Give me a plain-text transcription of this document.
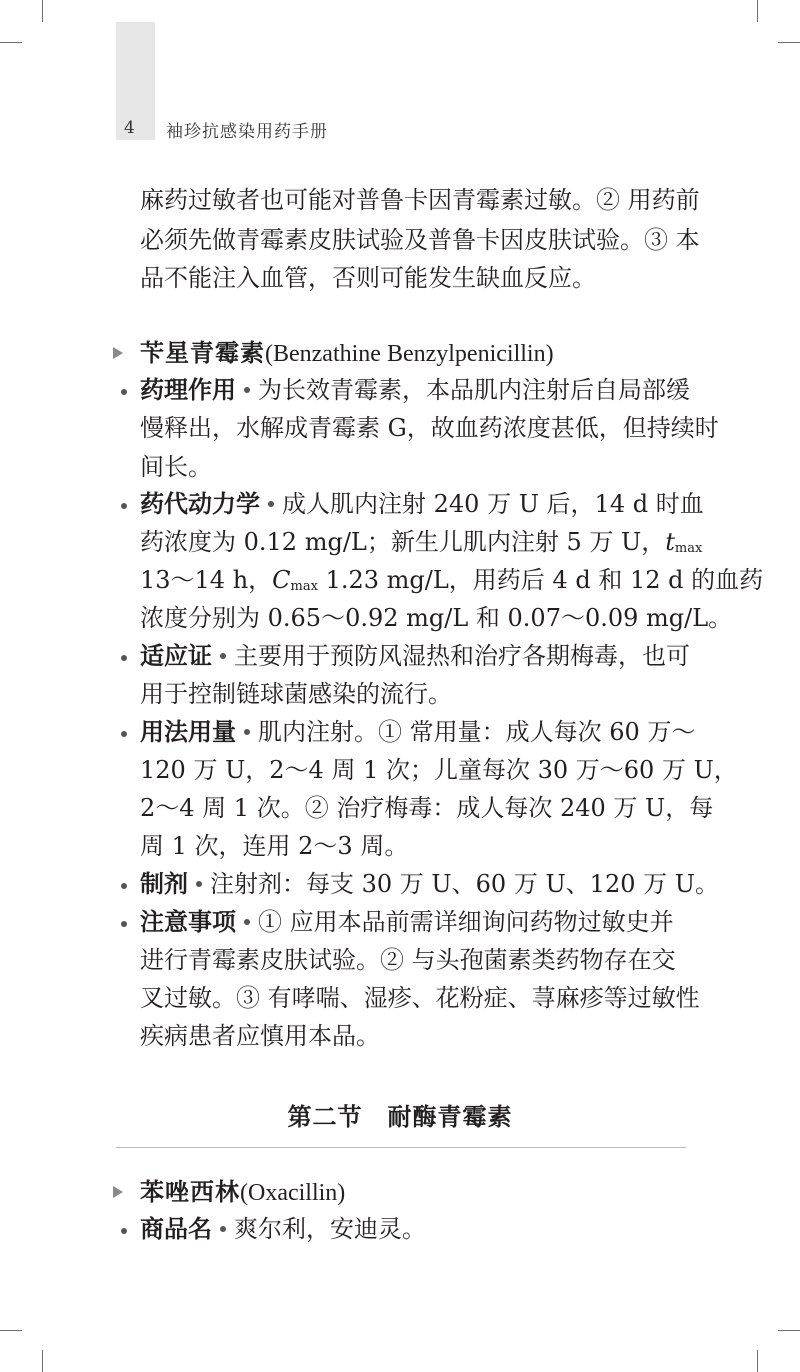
4 袖珍抗感染用药手册
麻药过敏者也可能对普鲁卡因青霉素过敏。② 用药前
必须先做青霉素皮肤试验及普鲁卡因皮肤试验。③ 本
品不能注入血管，否则可能发生缺血反应。
苄星青霉素(Benzathine Benzylpenicillin)
药理作用 为长效青霉素，本品肌内注射后自局部缓
慢释出，水解成青霉素 G，故血药浓度甚低，但持续时
间长。
药代动力学 成人肌内注射 240 万 U 后，14 d 时血
药浓度为 0.12 mg/L；新生儿肌内注射 5 万 U，$t_{max}$
13～14 h，$C_{max}$ 1.23 mg/L，用药后 4 d 和 12 d 的血药
浓度分别为 0.65～0.92 mg/L 和 0.07～0.09 mg/L。
适应证 主要用于预防风湿热和治疗各期梅毒，也可
用于控制链球菌感染的流行。
用法用量 肌内注射。① 常用量：成人每次 60 万～
120 万 U，2～4 周 1 次；儿童每次 30 万～60 万 U，
2～4 周 1 次。② 治疗梅毒：成人每次 240 万 U，每
周 1 次，连用 2～3 周。
制剂 注射剂：每支 30 万 U、60 万 U、120 万 U。
注意事项 ① 应用本品前需详细询问药物过敏史并
进行青霉素皮肤试验。② 与头孢菌素类药物存在交
叉过敏。③ 有哮喘、湿疹、花粉症、荨麻疹等过敏性
疾病患者应慎用本品。
第二节　耐酶青霉素
苯唑西林(Oxacillin)
商品名 爽尔利，安迪灵。
